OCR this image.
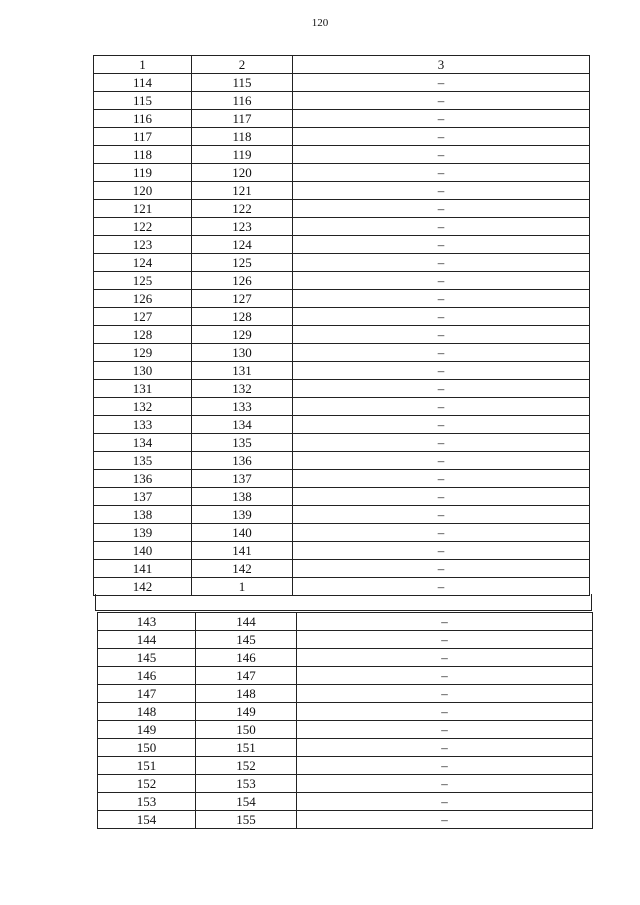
120
1	2	3
114	115	–
115	116	–
116	117	–
117	118	–
118	119	–
119	120	–
120	121	–
121	122	–
122	123	–
123	124	–
124	125	–
125	126	–
126	127	–
127	128	–
128	129	–
129	130	–
130	131	–
131	132	–
132	133	–
133	134	–
134	135	–
135	136	–
136	137	–
137	138	–
138	139	–
139	140	–
140	141	–
141	142	–
142	1	–
143	144	–
144	145	–
145	146	–
146	147	–
147	148	–
148	149	–
149	150	–
150	151	–
151	152	–
152	153	–
153	154	–
154	155	–
